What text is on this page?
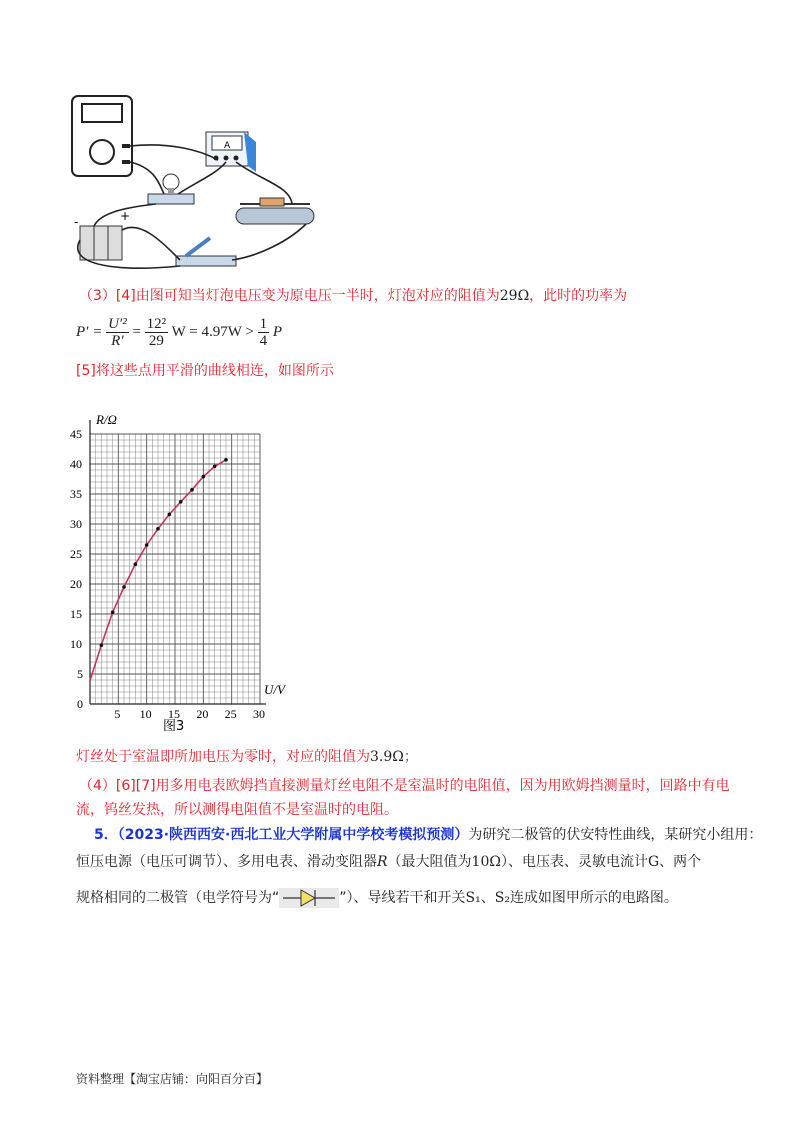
A
-	+
（3）[4]由图可知当灯泡电压变为原电压一半时，灯泡对应的阻值为29Ω，此时的功率为
$P' = \frac{\text{U′²}}{R'} = \frac{\text{12²}}{29}$ $W = 4.97W > \frac{1}{4}$ P
[5]将这些点用平滑的曲线相连，如图所示
5 10 15 20 25 30
0
5
10
15
20
25
30
35
40
45
R/Ω
U/V
图3
灯丝处于室温即所加电压为零时，对应的阻值为3.9Ω；
（4）[6][7]用多用电表欧姆挡直接测量灯丝电阻不是室温时的电阻值，因为用欧姆挡测量时，回路中有电
流，钨丝发热，所以测得电阻值不是室温时的电阻。
5．（2023·陕西西安·西北工业大学附属中学校考模拟预测）为研究二极管的伏安特性曲线，某研究小组用：
恒压电源（电压可调节）、多用电表、滑动变阻器R（最大阻值为10Ω）、电压表、灵敏电流计G、两个
规格相同的二极管（电学符号为“	”）、导线若干和开关S₁、S₂连成如图甲所示的电路图。
资料整理【淘宝店铺：向阳百分百】
